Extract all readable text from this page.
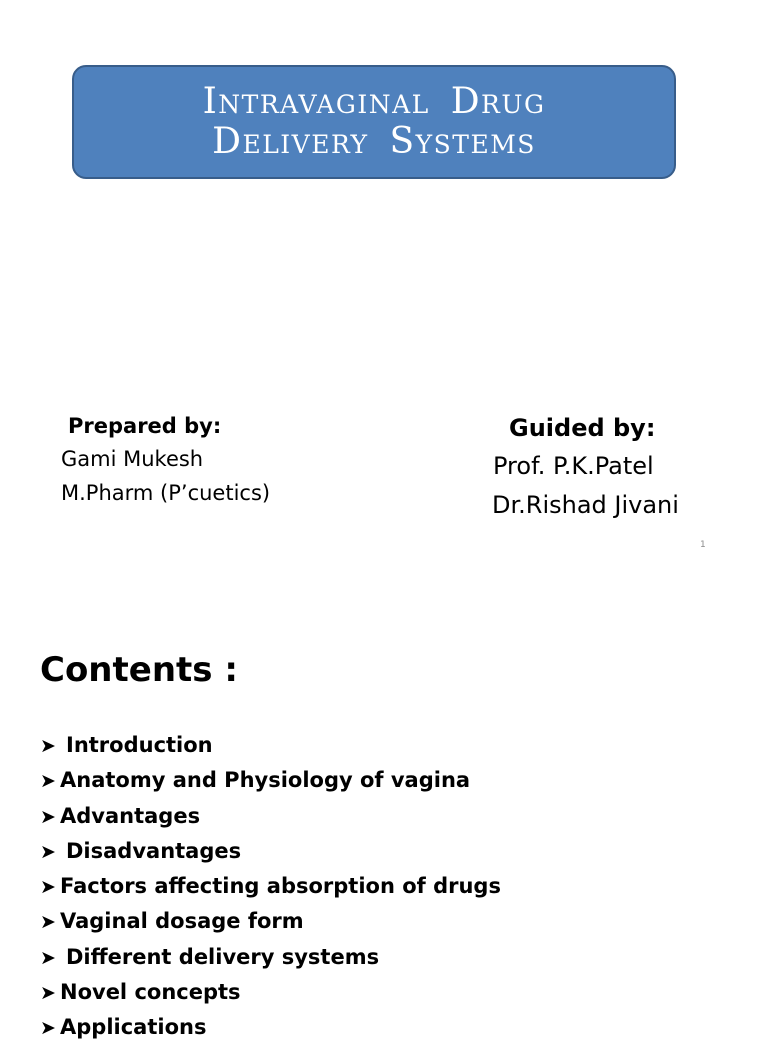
Intravaginal Drug
Delivery Systems
Prepared by:
Gami Mukesh
M.Pharm (P’cuetics)
Guided by:
Prof. P.K.Patel
Dr.Rishad Jivani
1
Contents :
➤ Introduction
➤ Anatomy and Physiology of vagina
➤ Advantages
➤ Disadvantages
➤ Factors affecting absorption of drugs
➤ Vaginal dosage form
➤ Different delivery systems
➤ Novel concepts
➤ Applications
